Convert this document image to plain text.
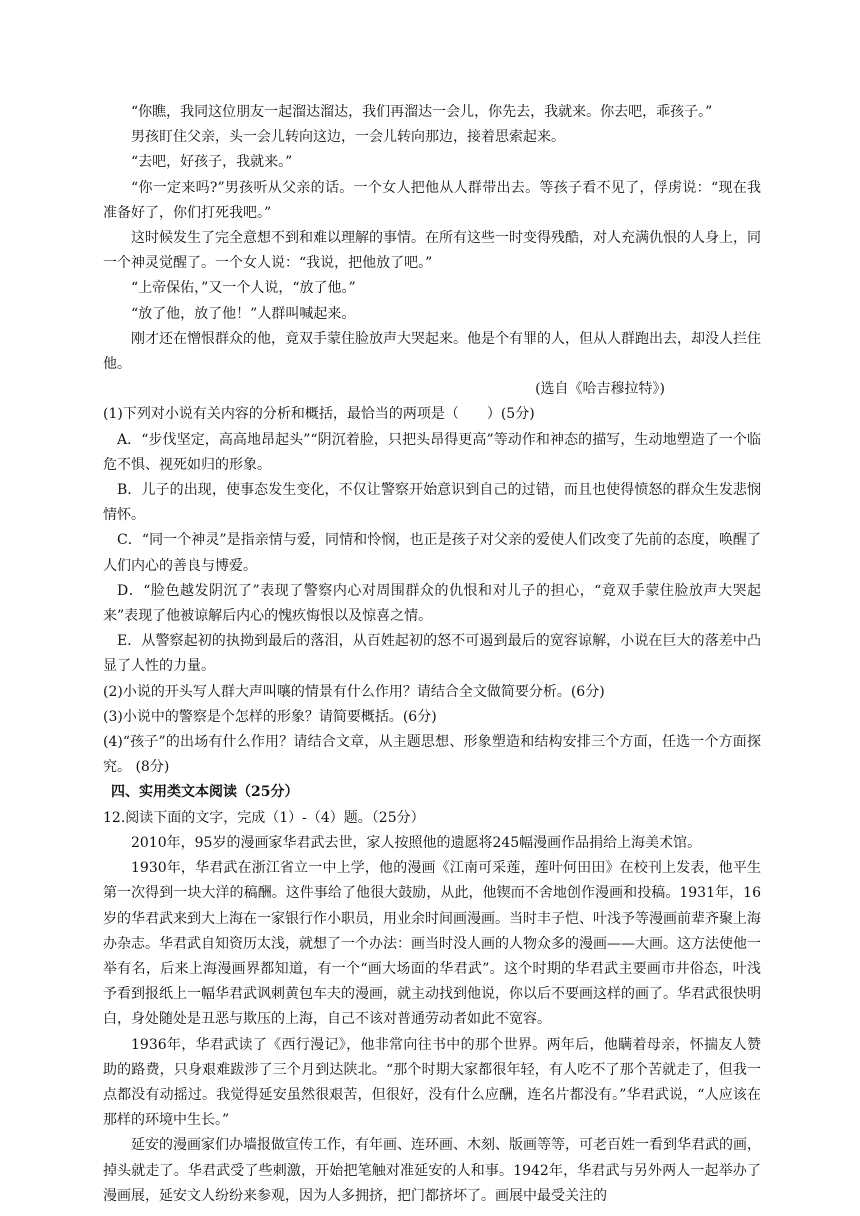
“你瞧，我同这位朋友一起溜达溜达，我们再溜达一会儿，你先去，我就来。你去吧，乖孩子。”

男孩盯住父亲，头一会儿转向这边，一会儿转向那边，接着思索起来。

“去吧，好孩子，我就来。”

“你一定来吗?”男孩听从父亲的话。一个女人把他从人群带出去。等孩子看不见了，俘虏说：“现在我准备好了，你们打死我吧。”

这时候发生了完全意想不到和难以理解的事情。在所有这些一时变得残酷，对人充满仇恨的人身上，同一个神灵觉醒了。一个女人说：“我说，把他放了吧。”

“上帝保佑，”又一个人说，“放了他。”

“放了他，放了他！”人群叫喊起来。

刚才还在憎恨群众的他，竟双手蒙住脸放声大哭起来。他是个有罪的人，但从人群跑出去，却没人拦住他。

(选自《哈吉穆拉特》)

(1)下列对小说有关内容的分析和概括，最恰当的两项是（　　）(5分)

A．“步伐坚定，高高地昂起头”“阴沉着脸，只把头昂得更高”等动作和神态的描写，生动地塑造了一个临危不惧、视死如归的形象。

B．儿子的出现，使事态发生变化，不仅让警察开始意识到自己的过错，而且也使得愤怒的群众生发悲悯情怀。

C．“同一个神灵”是指亲情与爱，同情和怜悯，也正是孩子对父亲的爱使人们改变了先前的态度，唤醒了人们内心的善良与博爱。

D．“脸色越发阴沉了”表现了警察内心对周围群众的仇恨和对儿子的担心，“竟双手蒙住脸放声大哭起来”表现了他被谅解后内心的愧疚悔恨以及惊喜之情。

E．从警察起初的执拗到最后的落泪，从百姓起初的怒不可遏到最后的宽容谅解，小说在巨大的落差中凸显了人性的力量。

(2)小说的开头写人群大声叫嚷的情景有什么作用？请结合全文做简要分析。(6分)

(3)小说中的警察是个怎样的形象？请简要概括。(6分)

(4)“孩子”的出场有什么作用？请结合文章，从主题思想、形象塑造和结构安排三个方面，任选一个方面探究。 (8分)

四、实用类文本阅读（25分）

12.阅读下面的文字，完成（1）-（4）题。（25分）

2010年，95岁的漫画家华君武去世，家人按照他的遗愿将245幅漫画作品捐给上海美术馆。

1930年，华君武在浙江省立一中上学，他的漫画《江南可采莲，莲叶何田田》在校刊上发表，他平生第一次得到一块大洋的稿酬。这件事给了他很大鼓励，从此，他锲而不舍地创作漫画和投稿。1931年，16岁的华君武来到大上海在一家银行作小职员，用业余时间画漫画。当时丰子恺、叶浅予等漫画前辈齐聚上海办杂志。华君武自知资历太浅，就想了一个办法：画当时没人画的人物众多的漫画——大画。这方法使他一举有名，后来上海漫画界都知道，有一个“画大场面的华君武”。这个时期的华君武主要画市井俗态，叶浅予看到报纸上一幅华君武讽刺黄包车夫的漫画，就主动找到他说，你以后不要画这样的画了。华君武很快明白，身处随处是丑恶与欺压的上海，自己不该对普通劳动者如此不宽容。

1936年，华君武读了《西行漫记》，他非常向往书中的那个世界。两年后，他瞒着母亲，怀揣友人赞助的路费，只身艰难跋涉了三个月到达陕北。“那个时期大家都很年轻，有人吃不了那个苦就走了，但我一点都没有动摇过。我觉得延安虽然很艰苦，但很好，没有什么应酬，连名片都没有。”华君武说，“人应该在那样的环境中生长。”

延安的漫画家们办墙报做宣传工作，有年画、连环画、木刻、版画等等，可老百姓一看到华君武的画，掉头就走了。华君武受了些刺激，开始把笔触对准延安的人和事。1942年，华君武与另外两人一起举办了漫画展，延安文人纷纷来参观，因为人多拥挤，把门都挤坏了。画展中最受关注的
